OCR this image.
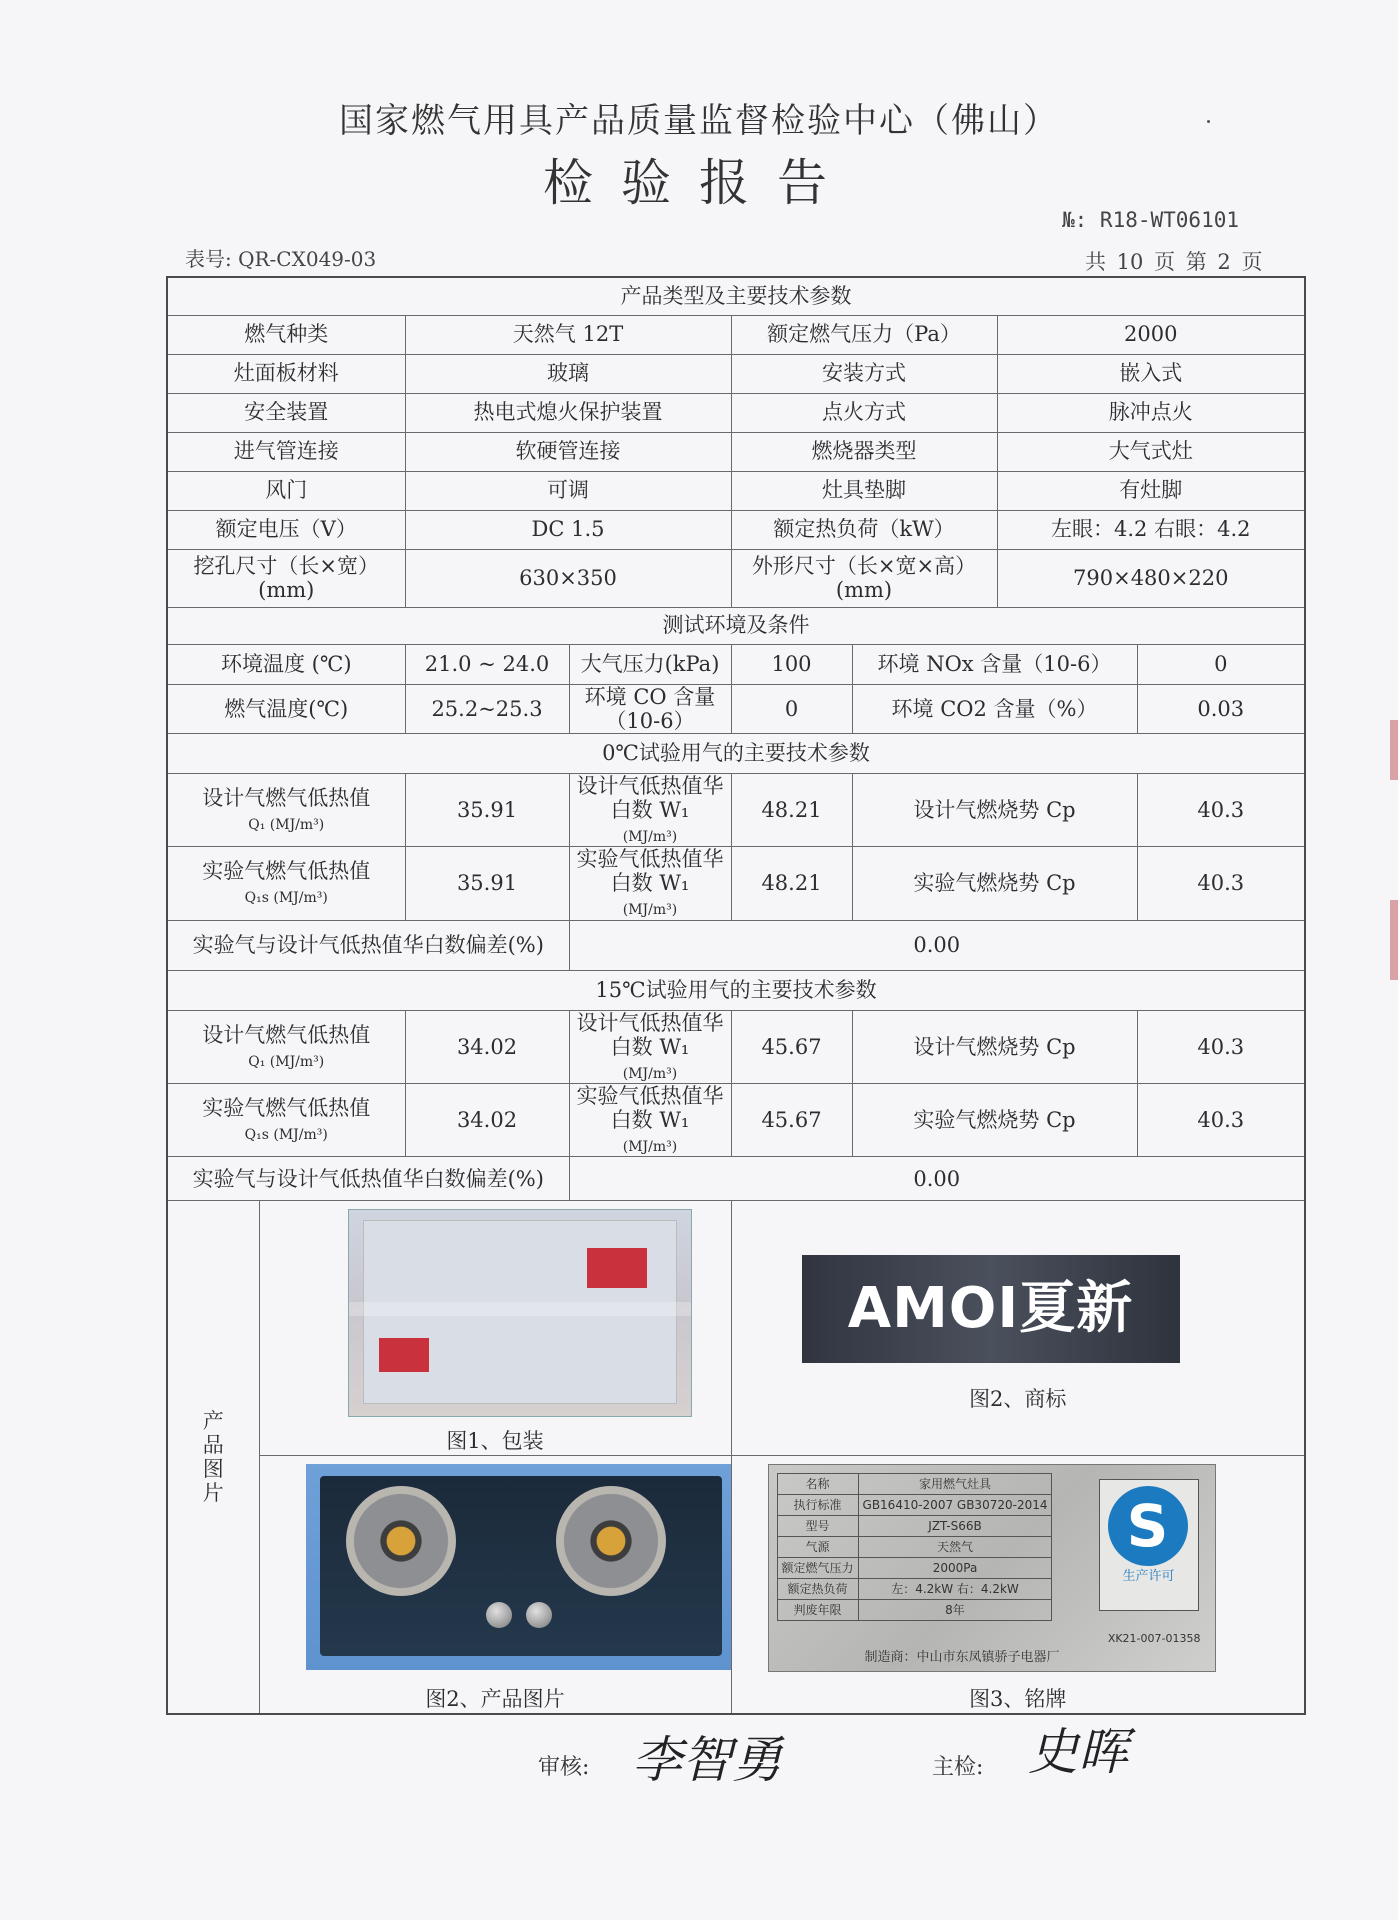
国家燃气用具产品质量监督检验中心（佛山）
检验报告
№: R18-WT06101
表号: QR-CX049-03	共 10 页 第 2 页
产品类型及主要技术参数
燃气种类	天然气 12T	额定燃气压力（Pa）	2000
灶面板材料	玻璃	安装方式	嵌入式
安全装置	热电式熄火保护装置	点火方式	脉冲点火
进气管连接	软硬管连接	燃烧器类型	大气式灶
风门	可调	灶具垫脚	有灶脚
额定电压（V）	DC 1.5	额定热负荷（kW）	左眼：4.2 右眼：4.2
挖孔尺寸（长×宽）
(mm)	630×350	外形尺寸（长×宽×高）
(mm)	790×480×220
测试环境及条件
环境温度 (℃)	21.0 ~ 24.0	大气压力(kPa)	100	环境 NOx 含量（10-6）	0
燃气温度(℃)	25.2~25.3	环境 CO 含量（10-6）	0	环境 CO2 含量（%）	0.03
0℃试验用气的主要技术参数
设计气燃气低热值
Q₁ (MJ/m³)	35.91	设计气低热值华白数 W₁
(MJ/m³)	48.21	设计气燃烧势 Cp	40.3
实验气燃气低热值
Q₁s (MJ/m³)	35.91	实验气低热值华白数 W₁
(MJ/m³)	48.21	实验气燃烧势 Cp	40.3
实验气与设计气低热值华白数偏差(%)	0.00
15℃试验用气的主要技术参数
设计气燃气低热值
Q₁ (MJ/m³)	34.02	设计气低热值华白数 W₁
(MJ/m³)	45.67	设计气燃烧势 Cp	40.3
实验气燃气低热值
Q₁s (MJ/m³)	34.02	实验气低热值华白数 W₁
(MJ/m³)	45.67	实验气燃烧势 Cp	40.3
实验气与设计气低热值华白数偏差(%)	0.00
产
品
图
片	
图1、包装

AMOI夏新
图2、商标

图2、产品图片

名称	家用燃气灶具
执行标准	GB16410-2007 GB30720-2014
型号	JZT-S66B
气源	天然气
额定燃气压力	2000Pa
额定热负荷	左：4.2kW 右：4.2kW
判废年限	8年
S
生产许可
XK21-007-01358
制造商：中山市东凤镇骄子电器厂
图3、铭牌
审核: 李智勇	主检: 史晖
